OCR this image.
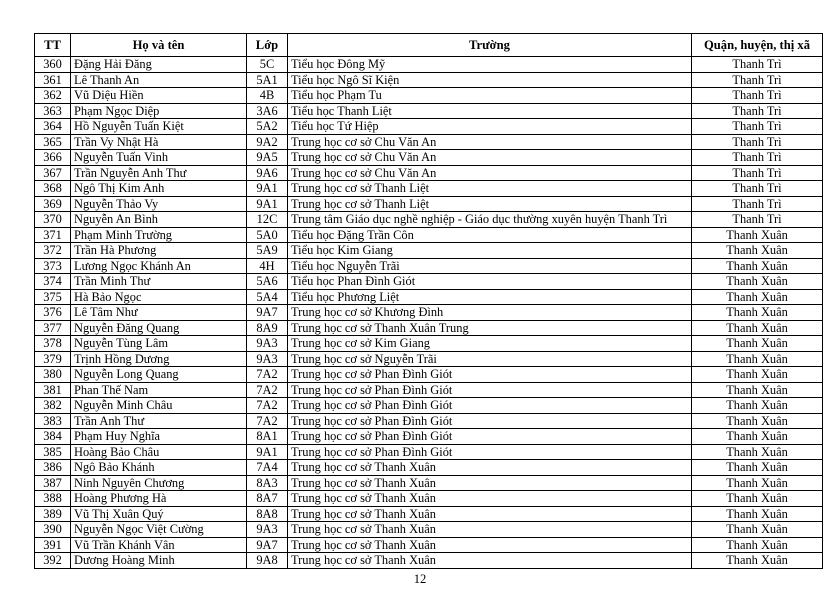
TT	Họ và tên	Lớp	Trường	Quận, huyện, thị xã
360	Đặng Hải Đăng	5C	Tiểu học Đông Mỹ	Thanh Trì
361	Lê Thanh An	5A1	Tiểu học Ngô Sĩ Kiện	Thanh Trì
362	Vũ Diệu Hiền	4B	Tiểu học Phạm Tu	Thanh Trì
363	Phạm Ngọc Diệp	3A6	Tiểu học Thanh Liệt	Thanh Trì
364	Hồ Nguyễn Tuấn Kiệt	5A2	Tiểu học Tứ Hiệp	Thanh Trì
365	Trần Vy Nhật Hà	9A2	Trung học cơ sở Chu Văn An	Thanh Trì
366	Nguyễn Tuấn Vinh	9A5	Trung học cơ sở Chu Văn An	Thanh Trì
367	Trần Nguyễn Anh Thư	9A6	Trung học cơ sở Chu Văn An	Thanh Trì
368	Ngô Thị Kim Anh	9A1	Trung học cơ sở Thanh Liệt	Thanh Trì
369	Nguyễn Thảo Vy	9A1	Trung học cơ sở Thanh Liệt	Thanh Trì
370	Nguyễn An Bình	12C	Trung tâm Giáo dục nghề nghiệp - Giáo dục thường xuyên huyện Thanh Trì	Thanh Trì
371	Phạm Minh Trường	5A0	Tiểu học Đặng Trần Côn	Thanh Xuân
372	Trần Hà Phương	5A9	Tiểu học Kim Giang	Thanh Xuân
373	Lương Ngọc Khánh An	4H	Tiểu học Nguyễn Trãi	Thanh Xuân
374	Trần Minh Thư	5A6	Tiểu học Phan Đình Giót	Thanh Xuân
375	Hà Bảo Ngọc	5A4	Tiểu học Phương Liệt	Thanh Xuân
376	Lê Tâm Như	9A7	Trung học cơ sở Khương Đình	Thanh Xuân
377	Nguyễn Đăng Quang	8A9	Trung học cơ sở Thanh Xuân Trung	Thanh Xuân
378	Nguyễn Tùng Lâm	9A3	Trung học cơ sở Kim Giang	Thanh Xuân
379	Trịnh Hồng Dương	9A3	Trung học cơ sở Nguyễn Trãi	Thanh Xuân
380	Nguyễn Long Quang	7A2	Trung học cơ sở Phan Đình Giót	Thanh Xuân
381	Phan Thế Nam	7A2	Trung học cơ sở Phan Đình Giót	Thanh Xuân
382	Nguyễn Minh Châu	7A2	Trung học cơ sở Phan Đình Giót	Thanh Xuân
383	Trần Anh Thư	7A2	Trung học cơ sở Phan Đình Giót	Thanh Xuân
384	Phạm Huy Nghĩa	8A1	Trung học cơ sở Phan Đình Giót	Thanh Xuân
385	Hoàng Bảo Châu	9A1	Trung học cơ sở Phan Đình Giót	Thanh Xuân
386	Ngô Bảo Khánh	7A4	Trung học cơ sở Thanh Xuân	Thanh Xuân
387	Ninh Nguyên Chương	8A3	Trung học cơ sở Thanh Xuân	Thanh Xuân
388	Hoàng Phương Hà	8A7	Trung học cơ sở Thanh Xuân	Thanh Xuân
389	Vũ Thị Xuân Quý	8A8	Trung học cơ sở Thanh Xuân	Thanh Xuân
390	Nguyễn Ngọc Việt Cường	9A3	Trung học cơ sở Thanh Xuân	Thanh Xuân
391	Vũ Trần Khánh Vân	9A7	Trung học cơ sở Thanh Xuân	Thanh Xuân
392	Dương Hoàng Minh	9A8	Trung học cơ sở Thanh Xuân	Thanh Xuân
12
